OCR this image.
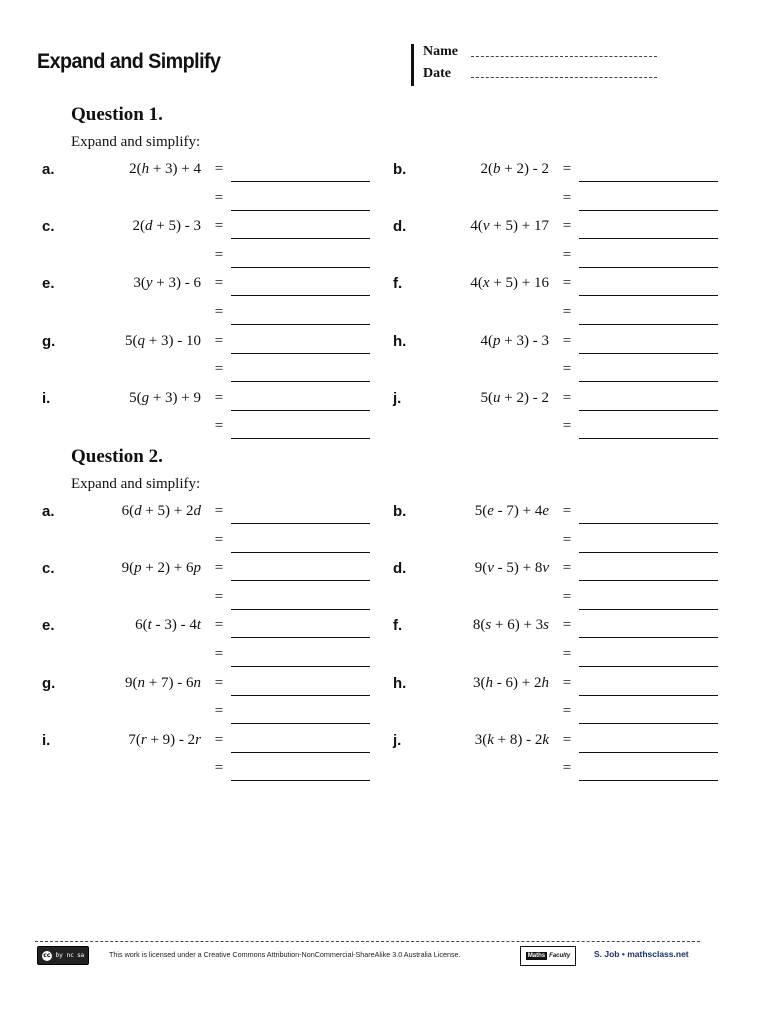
Expand and Simplify	Name
Date
Question 1.
Expand and simplify:
a.	2(h + 3) + 4 =
=
b.	2(b + 2) - 2 =
=
c.	2(d + 5) - 3 =
=
d.	4(v + 5) + 17 =
=
e.	3(y + 3) - 6 =
=
f.	4(x + 5) + 16 =
=
g.	5(q + 3) - 10 =
=
h.	4(p + 3) - 3 =
=
i.	5(g + 3) + 9 =
=
j.	5(u + 2) - 2 =
=
Question 2.
Expand and simplify:
a.	6(d + 5) + 2d =
=
b.	5(e - 7) + 4e =
=
c.	9(p + 2) + 6p =
=
d.	9(v - 5) + 8v =
=
e.	6(t - 3) - 4t =
=
f.	8(s + 6) + 3s =
=
g.	9(n + 7) - 6n =
=
h.	3(h - 6) + 2h =
=
i.	7(r + 9) - 2r =
=
j.	3(k + 8) - 2k =
=
cc by nc sa	This work is licensed under a Creative Commons Attribution-NonCommercial-ShareAlike 3.0 Australia License.	Maths Faculty	S. Job • mathsclass.net
